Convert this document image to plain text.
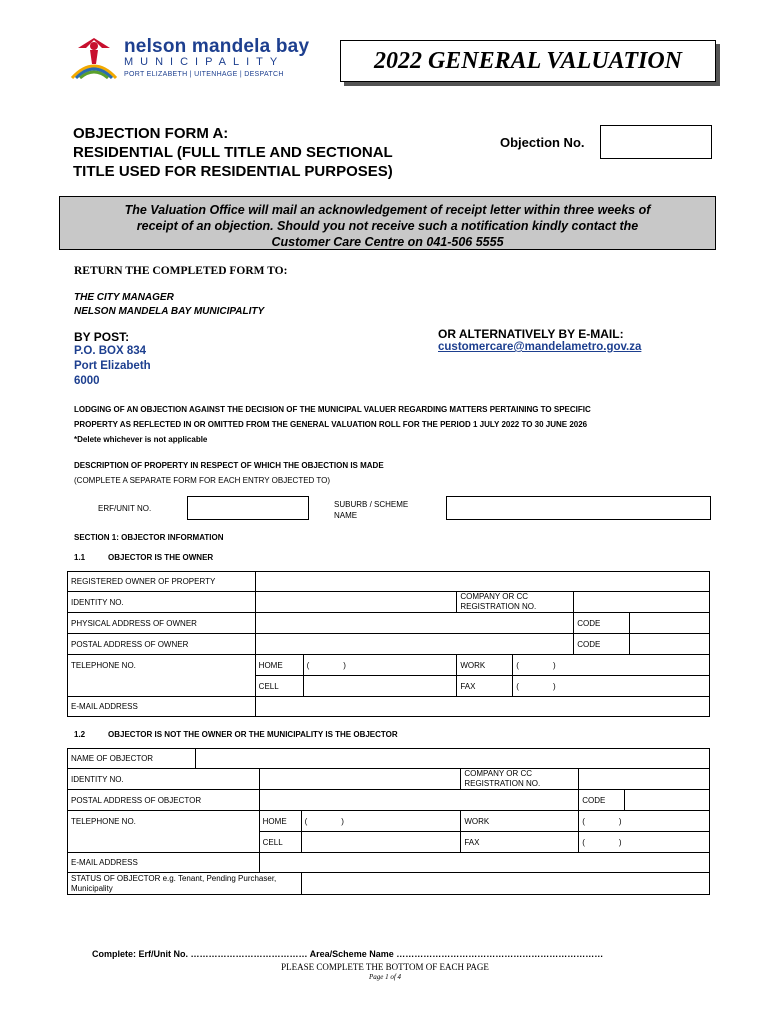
nelson mandela bay
MUNICIPALITY
PORT ELIZABETH | UITENHAGE | DESPATCH
2022 GENERAL VALUATION
OBJECTION FORM A:
RESIDENTIAL (FULL TITLE AND SECTIONAL
TITLE USED FOR RESIDENTIAL PURPOSES)
Objection No.
The Valuation Office will mail an acknowledgement of receipt letter within three weeks of
receipt of an objection. Should you not receive such a notification kindly contact the
Customer Care Centre on 041-506 5555
RETURN THE COMPLETED FORM TO:
THE CITY MANAGER
NELSON MANDELA BAY MUNICIPALITY
BY POST:
P.O. BOX 834
Port Elizabeth
6000
OR ALTERNATIVELY BY E-MAIL:
customercare@mandelametro.gov.za
LODGING OF AN OBJECTION AGAINST THE DECISION OF THE MUNICIPAL VALUER REGARDING MATTERS PERTAINING TO SPECIFIC
PROPERTY AS REFLECTED IN OR OMITTED FROM THE GENERAL VALUATION ROLL FOR THE PERIOD 1 JULY 2022 TO 30 JUNE 2026
*Delete whichever is not applicable
DESCRIPTION OF PROPERTY IN RESPECT OF WHICH THE OBJECTION IS MADE
(COMPLETE A SEPARATE FORM FOR EACH ENTRY OBJECTED TO)
ERF/UNIT NO.	SUBURB / SCHEME
NAME
SECTION 1: OBJECTOR INFORMATION
1.1	OBJECTOR IS THE OWNER
REGISTERED OWNER OF PROPERTY						
IDENTITY NO.			COMPANY OR CC
REGISTRATION NO.			

PHYSICAL ADDRESS OF OWNER					CODE	
POSTAL ADDRESS OF OWNER					CODE	
TELEPHONE NO.	HOME	( )	WORK	( )		
	CELL		FAX	( )		
E-MAIL ADDRESS						
1.2	OBJECTOR IS NOT THE OWNER OR THE MUNICIPALITY IS THE OBJECTOR
NAME OF OBJECTOR						
IDENTITY NO.				COMPANY OR CC
REGISTRATION NO.		

POSTAL ADDRESS OF OBJECTOR					CODE	
TELEPHONE NO.		HOME	( )	WORK	( )	
		CELL		FAX	( )	
E-MAIL ADDRESS						

STATUS OF OBJECTOR e.g. Tenant, Pending Purchaser,
Municipality						

Complete: Erf/Unit No. ………………………………… Area/Scheme Name ……………………………………………………………
PLEASE COMPLETE THE BOTTOM OF EACH PAGE
Page 1 of 4
